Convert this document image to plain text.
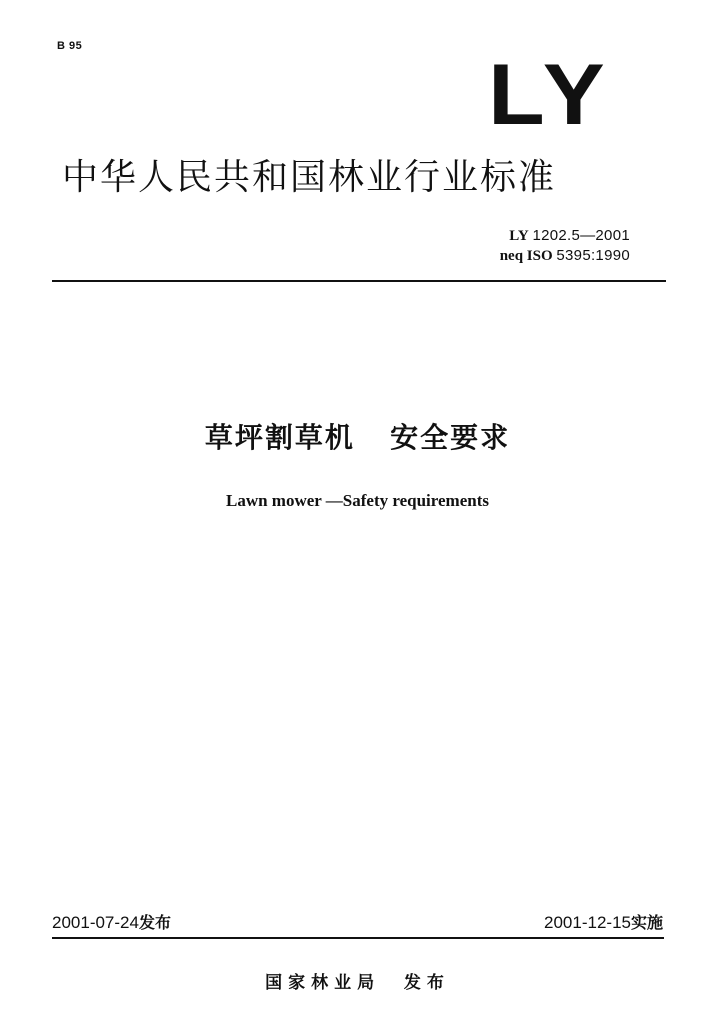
B 95
LY
中华人民共和国林业行业标准
LY 1202.5—2001
neq ISO 5395:1990
草坪割草机   安全要求
Lawn mower —Safety requirements
2001-07-24发布	2001-12-15实施
国家林业局  发布
